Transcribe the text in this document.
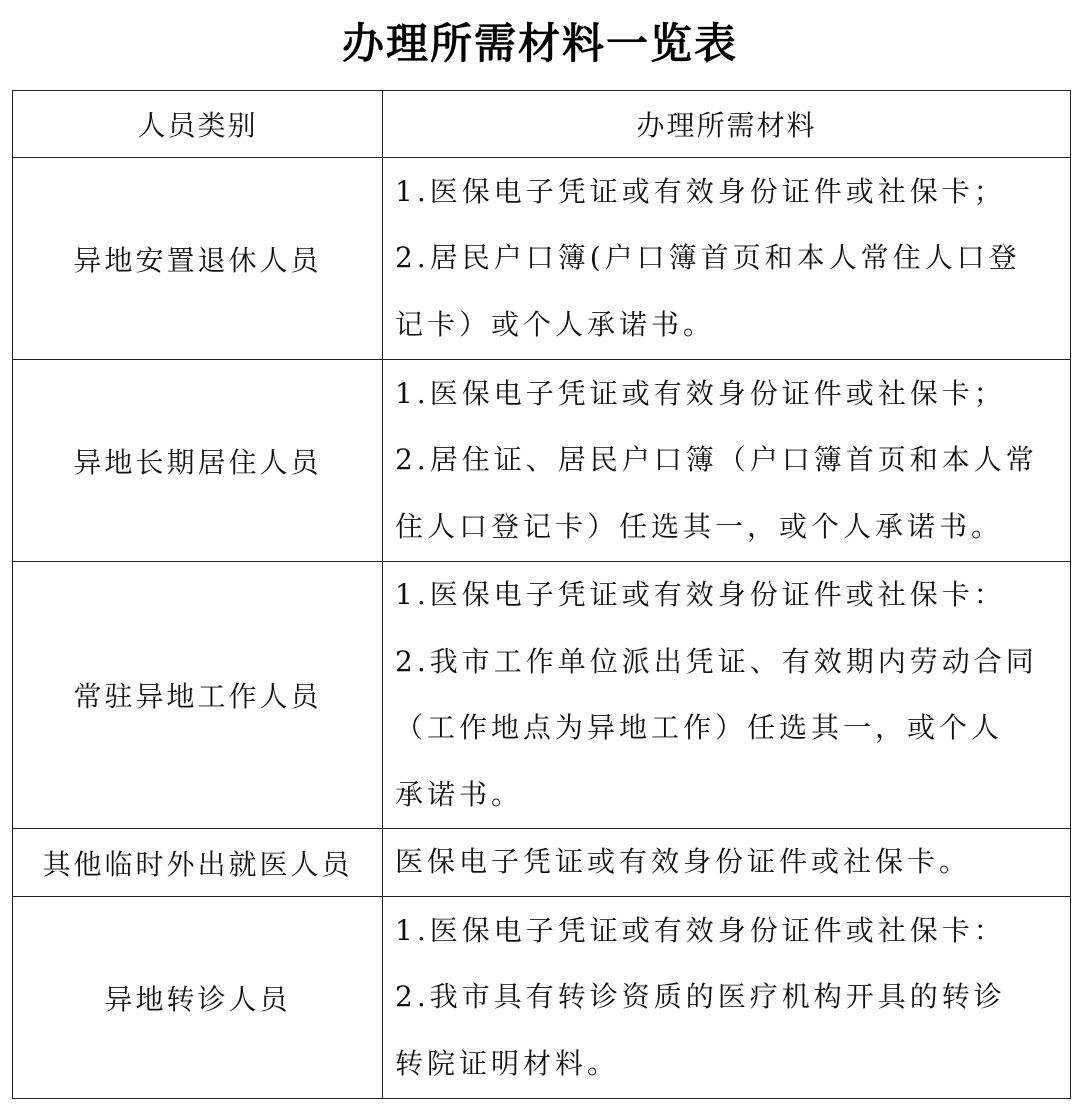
办理所需材料一览表
人员类别	办理所需材料
异地安置退休人员	1.医保电子凭证或有效身份证件或社保卡；
2.居民户口簿(户口簿首页和本人常住人口登
记卡）或个人承诺书。

异地长期居住人员	1.医保电子凭证或有效身份证件或社保卡；
2.居住证、居民户口簿（户口簿首页和本人常
住人口登记卡）任选其一，或个人承诺书。

常驻异地工作人员	1.医保电子凭证或有效身份证件或社保卡：
2.我市工作单位派出凭证、有效期内劳动合同
（工作地点为异地工作）任选其一，或个人
承诺书。

其他临时外出就医人员	医保电子凭证或有效身份证件或社保卡。

异地转诊人员	1.医保电子凭证或有效身份证件或社保卡：
2.我市具有转诊资质的医疗机构开具的转诊
转院证明材料。
